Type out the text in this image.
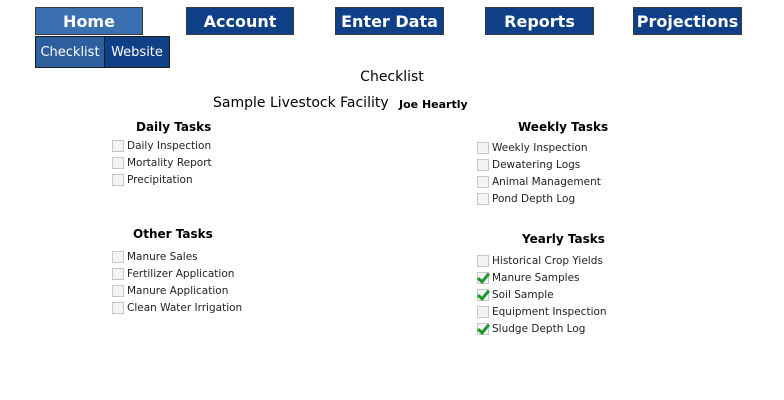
Home	Account	Enter Data	Reports	Projections
Checklist Website
Checklist
Sample Livestock Facility Joe Heartly
Daily Tasks
Daily Inspection
Mortality Report
Precipitation
Other Tasks
Manure Sales
Fertilizer Application
Manure Application
Clean Water Irrigation
Weekly Tasks
Weekly Inspection
Dewatering Logs
Animal Management
Pond Depth Log
Yearly Tasks
Historical Crop Yields
Manure Samples
Soil Sample
Equipment Inspection
Sludge Depth Log
